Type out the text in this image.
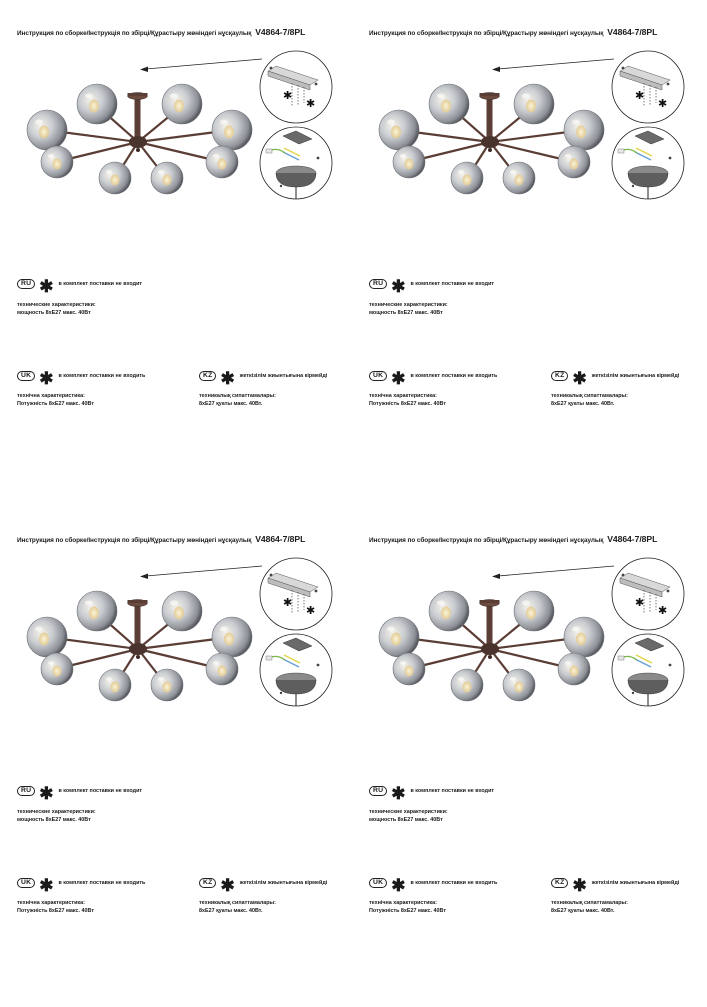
Инструкция по сборке/Інструкція по збірці/Құрастыру жөніндегі нұсқаулық V4864-7/8PL
RU ✱ в комплект поставки не входит
технические характеристики:
мощность 8хЕ27 макс. 40Вт
UK ✱ в комплект поставки не входить
технічна характеристика:
Потужність 8хЕ27 макс. 40Вт
KZ ✱ жеткізілім жиынтығына кірмейді
техникалық сипаттамалары:
8хЕ27 қуаты макс. 40Вт.
Инструкция по сборке/Інструкція по збірці/Құрастыру жөніндегі нұсқаулық V4864-7/8PL
RU ✱ в комплект поставки не входит
технические характеристики:
мощность 8хЕ27 макс. 40Вт
UK ✱ в комплект поставки не входить
технічна характеристика:
Потужність 8хЕ27 макс. 40Вт
KZ ✱ жеткізілім жиынтығына кірмейді
техникалық сипаттамалары:
8хЕ27 қуаты макс. 40Вт.
Инструкция по сборке/Інструкція по збірці/Құрастыру жөніндегі нұсқаулық V4864-7/8PL
RU ✱ в комплект поставки не входит
технические характеристики:
мощность 8хЕ27 макс. 40Вт
UK ✱ в комплект поставки не входить
технічна характеристика:
Потужність 8хЕ27 макс. 40Вт
KZ ✱ жеткізілім жиынтығына кірмейді
техникалық сипаттамалары:
8хЕ27 қуаты макс. 40Вт.
Инструкция по сборке/Інструкція по збірці/Құрастыру жөніндегі нұсқаулық V4864-7/8PL
RU ✱ в комплект поставки не входит
технические характеристики:
мощность 8хЕ27 макс. 40Вт
UK ✱ в комплект поставки не входить
технічна характеристика:
Потужність 8хЕ27 макс. 40Вт
KZ ✱ жеткізілім жиынтығына кірмейді
техникалық сипаттамалары:
8хЕ27 қуаты макс. 40Вт.
